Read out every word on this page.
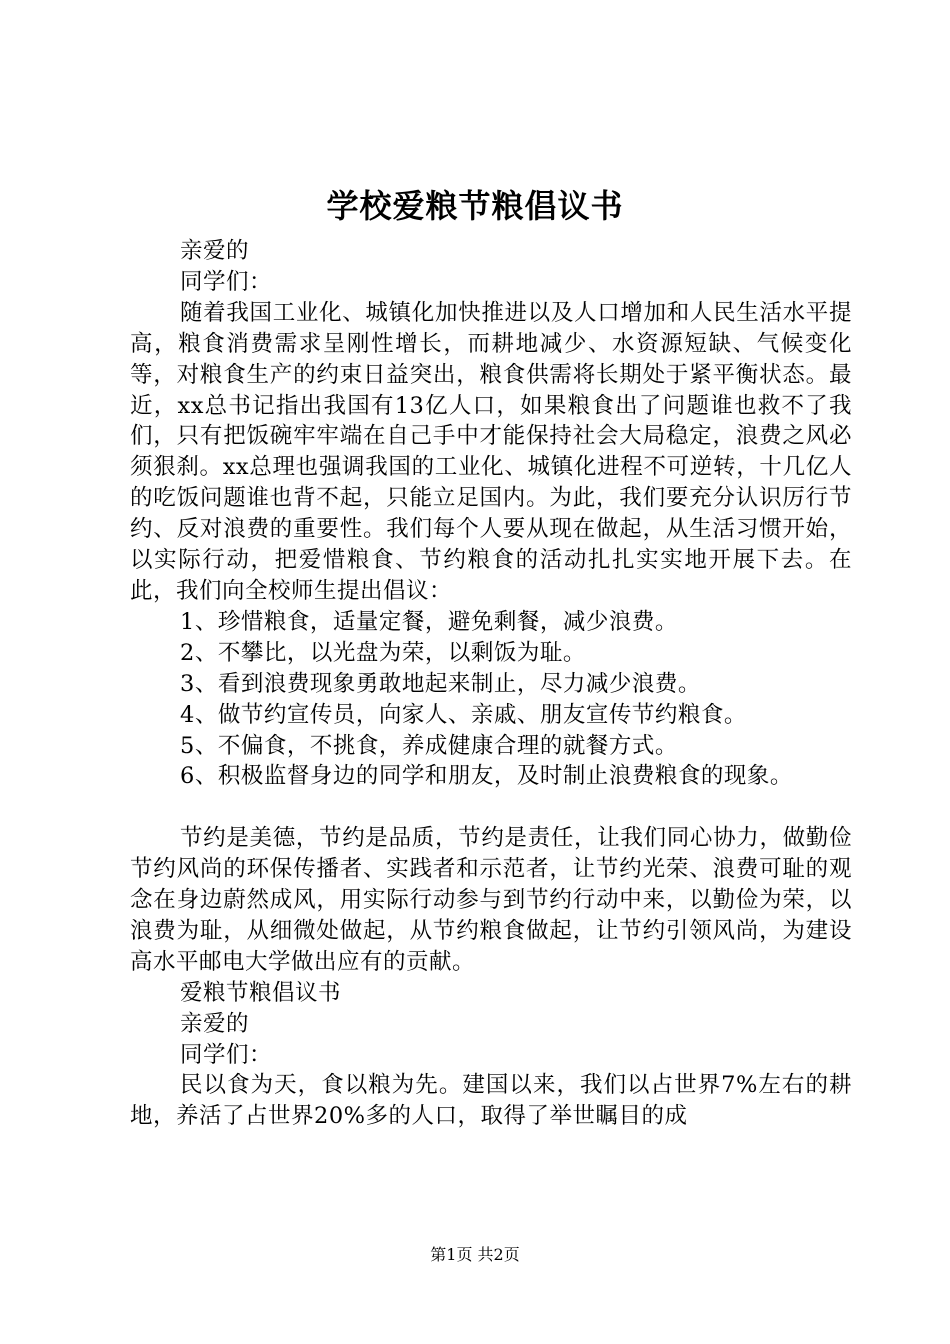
学校爱粮节粮倡议书

亲爱的

同学们：

随着我国工业化、城镇化加快推进以及人口增加和人民生活水平提高，粮食消费需求呈刚性增长，而耕地减少、水资源短缺、气候变化等，对粮食生产的约束日益突出，粮食供需将长期处于紧平衡状态。最近，xx总书记指出我国有13亿人口，如果粮食出了问题谁也救不了我们，只有把饭碗牢牢端在自己手中才能保持社会大局稳定，浪费之风必须狠刹。xx总理也强调我国的工业化、城镇化进程不可逆转，十几亿人的吃饭问题谁也背不起，只能立足国内。为此，我们要充分认识厉行节约、反对浪费的重要性。我们每个人要从现在做起，从生活习惯开始，以实际行动，把爱惜粮食、节约粮食的活动扎扎实实地开展下去。在此，我们向全校师生提出倡议：

1、珍惜粮食，适量定餐，避免剩餐，减少浪费。

2、不攀比，以光盘为荣，以剩饭为耻。

3、看到浪费现象勇敢地起来制止，尽力减少浪费。

4、做节约宣传员，向家人、亲戚、朋友宣传节约粮食。

5、不偏食，不挑食，养成健康合理的就餐方式。

6、积极监督身边的同学和朋友，及时制止浪费粮食的现象。

节约是美德，节约是品质，节约是责任，让我们同心协力，做勤俭节约风尚的环保传播者、实践者和示范者，让节约光荣、浪费可耻的观念在身边蔚然成风，用实际行动参与到节约行动中来，以勤俭为荣，以浪费为耻，从细微处做起，从节约粮食做起，让节约引领风尚，为建设高水平邮电大学做出应有的贡献。

爱粮节粮倡议书

亲爱的

同学们：

民以食为天，食以粮为先。建国以来，我们以占世界7%左右的耕地，养活了占世界20%多的人口，取得了举世瞩目的成

第1页 共2页
